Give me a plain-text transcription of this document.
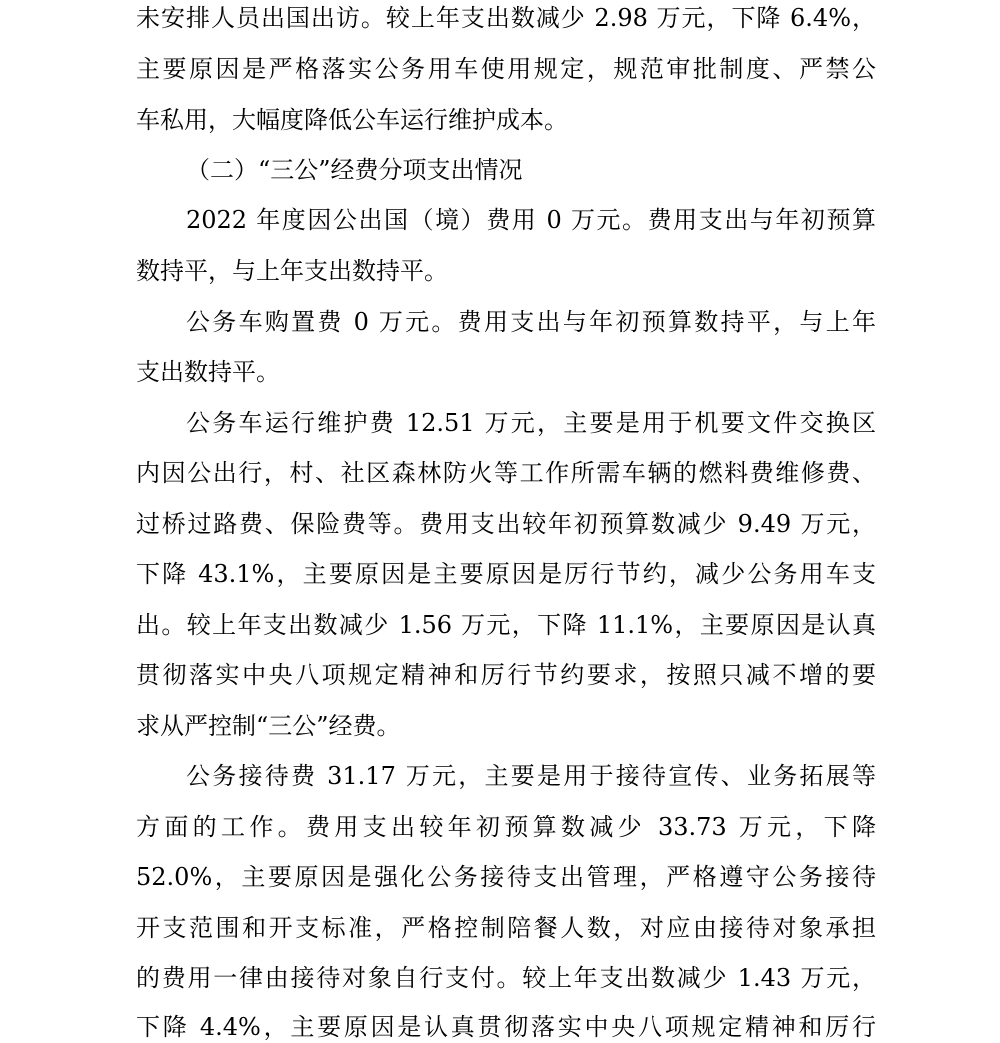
未安排人员出国出访。较上年支出数减少 2.98 万元，下降 6.4%，
主要原因是严格落实公务用车使用规定，规范审批制度、严禁公
车私用，大幅度降低公车运行维护成本。
（二）“三公”经费分项支出情况
2022 年度因公出国（境）费用 0 万元。费用支出与年初预算
数持平，与上年支出数持平。
公务车购置费 0 万元。费用支出与年初预算数持平，与上年
支出数持平。
公务车运行维护费 12.51 万元，主要是用于机要文件交换区
内因公出行，村、社区森林防火等工作所需车辆的燃料费维修费、
过桥过路费、保险费等。费用支出较年初预算数减少 9.49 万元，
下降 43.1%，主要原因是主要原因是厉行节约，减少公务用车支
出。较上年支出数减少 1.56 万元，下降 11.1%，主要原因是认真
贯彻落实中央八项规定精神和厉行节约要求，按照只减不增的要
求从严控制“三公”经费。
公务接待费 31.17 万元，主要是用于接待宣传、业务拓展等
方面的工作。费用支出较年初预算数减少 33.73 万元，下降
52.0%，主要原因是强化公务接待支出管理，严格遵守公务接待
开支范围和开支标准，严格控制陪餐人数，对应由接待对象承担
的费用一律由接待对象自行支付。较上年支出数减少 1.43 万元，
下降 4.4%，主要原因是认真贯彻落实中央八项规定精神和厉行
